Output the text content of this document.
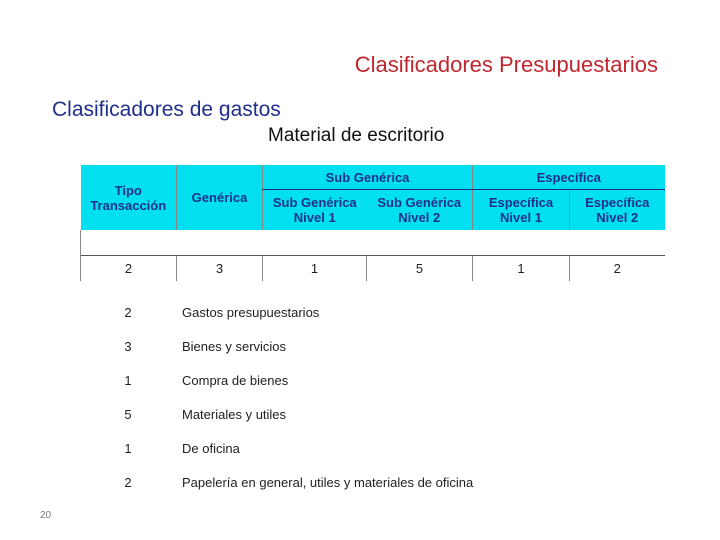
Clasificadores Presupuestarios
Clasificadores de gastos
Material de escritorio
Tipo Transacción	Genérica	Sub Genérica		Específica	
		Sub Genérica Nivel 1	Sub Genérica Nivel 2	Específica Nivel 1	Específica Nivel 2

2	3	1	5	1	2
2	Gastos presupuestarios
3	Bienes y servicios
1	Compra de bienes
5	Materiales y utiles
1	De oficina
2	Papelería en general, utiles y materiales de oficina
20
